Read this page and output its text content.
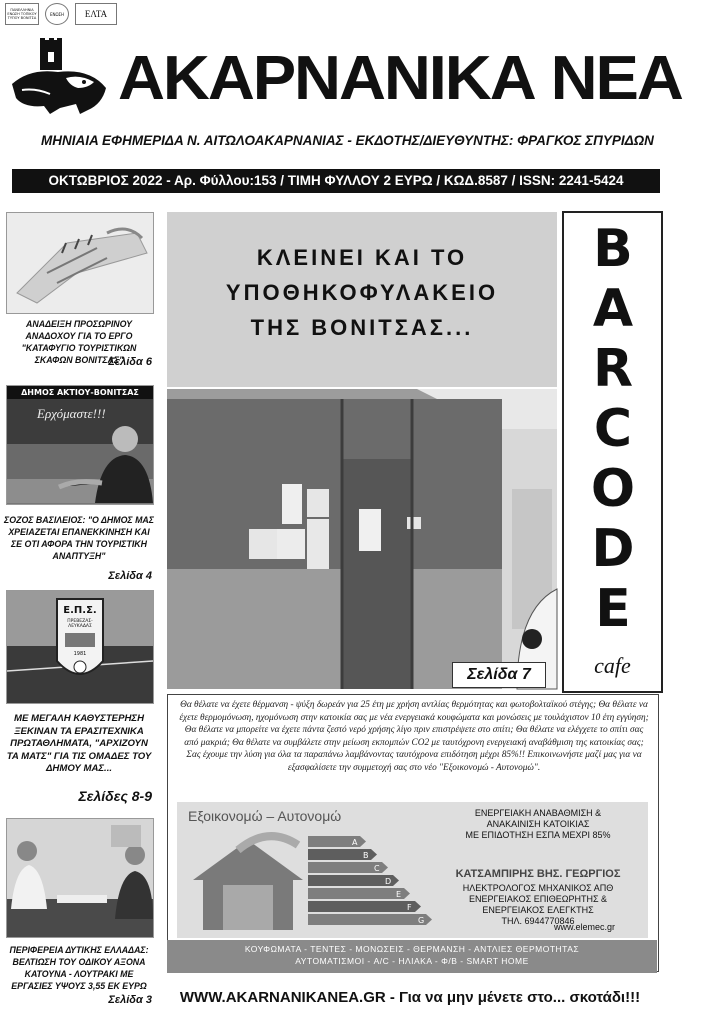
ΠΑΝΕΛΛΗΝΙΑ ΕΝΩΣΗ ΤΟΠΙΚΟΥ ΤΥΠΟΥ ΒΟΝΙΤΣΑ
ΕΝΩΣΗ ΕΛΤΑ
ΑΚΑΡΝΑΝΙΚΑ ΝΕΑ
ΜΗΝΙΑΙΑ ΕΦΗΜΕΡΙΔΑ Ν. ΑΙΤΩΛΟΑΚΑΡΝΑΝΙΑΣ - ΕΚΔΟΤΗΣ/ΔΙΕΥΘΥΝΤΗΣ: ΦΡΑΓΚΟΣ ΣΠΥΡΙΔΩΝ
ΟΚΤΩΒΡΙΟΣ 2022 - Αρ. Φύλλου:153 / ΤΙΜΗ ΦΥΛΛΟΥ 2 ΕΥΡΩ / ΚΩΔ.8587 / ISSN: 2241-5424
ΑΝΑΔΕΙΞΗ ΠΡΟΣΩΡΙΝΟΥ ΑΝΑΔΟΧΟΥ ΓΙΑ ΤΟ ΕΡΓΟ "ΚΑΤΑΦΥΓΙΟ ΤΟΥΡΙΣΤΙΚΩΝ ΣΚΑΦΩΝ ΒΟΝΙΤΣΑΣ"
Σελίδα 6
ΔΗΜΟΣ ΑΚΤΙΟΥ-ΒΟΝΙΤΣΑΣ
Ερχόμαστε!!!
ΣΟΖΟΣ ΒΑΣΙΛΕΙΟΣ: "Ο ΔΗΜΟΣ ΜΑΣ ΧΡΕΙΑΖΕΤΑΙ ΕΠΑΝΕΚΚΙΝΗΣΗ ΚΑΙ ΣΕ ΟΤΙ ΑΦΟΡΑ ΤΗΝ ΤΟΥΡΙΣΤΙΚΗ ΑΝΑΠΤΥΞΗ"
Σελίδα 4
Ε.Π.Σ.
ΠΡΕΒΕΖΑΣ-ΛΕΥΚΑΔΑΣ
1981
ΜΕ ΜΕΓΑΛΗ ΚΑΘΥΣΤΕΡΗΣΗ ΞΕΚΙΝΑΝ ΤΑ ΕΡΑΣΙΤΕΧΝΙΚΑ ΠΡΩΤΑΘΛΗΜΑΤΑ, "ΑΡΧΙΖΟΥΝ ΤΑ ΜΑΤΣ" ΓΙΑ ΤΙΣ ΟΜΑΔΕΣ ΤΟΥ ΔΗΜΟΥ ΜΑΣ...
Σελίδες 8-9
ΠΕΡΙΦΕΡΕΙΑ ΔΥΤΙΚΗΣ ΕΛΛΑΔΑΣ: ΒΕΛΤΙΩΣΗ ΤΟΥ ΟΔΙΚΟΥ ΑΞΟΝΑ ΚΑΤΟΥΝΑ - ΛΟΥΤΡΑΚΙ ΜΕ ΕΡΓΑΣΙΕΣ ΥΨΟΥΣ 3,55 ΕΚ ΕΥΡΩ
Σελίδα 3
ΚΛΕΙΝΕΙ ΚΑΙ ΤΟ
ΥΠΟΘΗΚΟΦΥΛΑΚΕΙΟ
ΤΗΣ ΒΟΝΙΤΣΑΣ...
Σελίδα 7
B
A
R
C
O
D
E
cafe
Θα θέλατε να έχετε θέρμανση - ψύξη δωρεάν για 25 έτη με χρήση αντλίας θερμότητας και φωτοβολταϊκού στέγης; Θα θέλατε να έχετε θερμομόνωση, ηχομόνωση στην κατοικία σας με νέα ενεργειακά κουφώματα και μονώσεις με τουλάχιστον 10 έτη εγγύηση; Θα θέλατε να μπορείτε να έχετε πάντα ζεστό νερό χρήσης λίγο πριν επιστρέψετε στο σπίτι; Θα θέλατε να ελέγχετε το σπίτι σας από μακριά; Θα θέλατε να συμβάλετε στην μείωση εκπομπών CO2 με ταυτόχρονη ενεργειακή αναβάθμιση της κατοικίας σας; Σας έχουμε την λύση για όλα τα παραπάνω λαμβάνοντας ταυτόχρονα επιδότηση μέχρι 85%!! Επικοινωνήστε μαζί μας για να εξασφαλίσετε την συμμετοχή σας στο νέο "Εξοικονομώ - Αυτονομώ".
Εξοικονομώ – Αυτονομώ	ΕΝΕΡΓΕΙΑΚΗ ΑΝΑΒΑΘΜΙΣΗ &
ΑΝΑΚΑΙΝΙΣΗ ΚΑΤΟΙΚΙΑΣ
ΜΕ ΕΠΙΔΟΤΗΣΗ ΕΣΠΑ ΜΕΧΡΙ 85%
A
B
C
D
E
F
G
ΚΑΤΣΑΜΠΙΡΗΣ ΒΗΣ. ΓΕΩΡΓΙΟΣ
ΗΛΕΚΤΡΟΛΟΓΟΣ ΜΗΧΑΝΙΚΟΣ ΑΠΘ
ΕΝΕΡΓΕΙΑΚΟΣ ΕΠΙΘΕΩΡΗΤΗΣ &
ΕΝΕΡΓΕΙΑΚΟΣ ΕΛΕΓΚΤΗΣ
ΤΗΛ. 6944770846
www.elemec.gr
ΚΟΥΦΩΜΑΤΑ - ΤΕΝΤΕΣ - ΜΟΝΩΣΕΙΣ - ΘΕΡΜΑΝΣΗ - ΑΝΤΛΙΕΣ ΘΕΡΜΟΤΗΤΑΣ
ΑΥΤΟΜΑΤΙΣΜΟΙ - A/C - ΗΛΙΑΚΑ - Φ/Β - SMART HOME
WWW.AKARNANIKANEA.GR - Για να μην μένετε στο... σκοτάδι!!!
